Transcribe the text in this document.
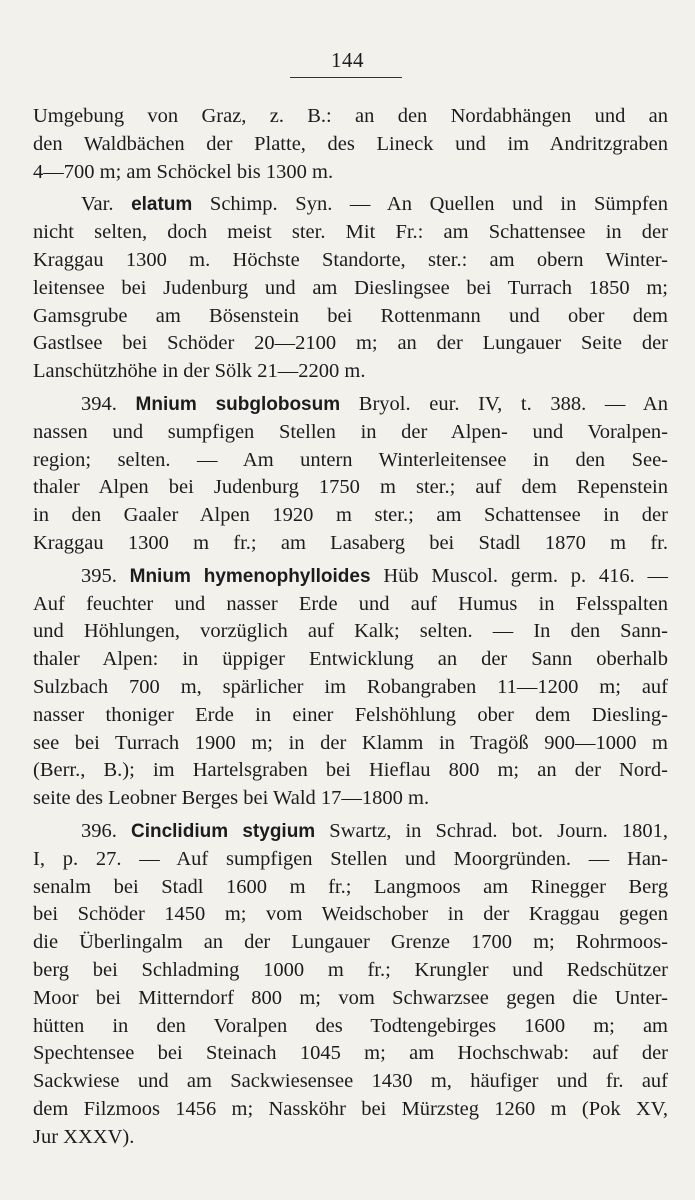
144
Umgebung von Graz, z. B.: an den Nordabhängen und an
den Waldbächen der Platte, des Lineck und im Andritzgraben
4—700 m; am Schöckel bis 1300 m.
Var. elatum Schimp. Syn. — An Quellen und in Sümpfen
nicht selten, doch meist ster. Mit Fr.: am Schattensee in der
Kraggau 1300 m. Höchste Standorte, ster.: am obern Winter-
leitensee bei Judenburg und am Dieslingsee bei Turrach 1850 m;
Gamsgrube am Bösenstein bei Rottenmann und ober dem
Gastlsee bei Schöder 20—2100 m; an der Lungauer Seite der
Lanschützhöhe in der Sölk 21—2200 m.
394. Mnium subglobosum Bryol. eur. IV, t. 388. — An
nassen und sumpfigen Stellen in der Alpen- und Voralpen-
region; selten. — Am untern Winterleitensee in den See-
thaler Alpen bei Judenburg 1750 m ster.; auf dem Repenstein
in den Gaaler Alpen 1920 m ster.; am Schattensee in der
Kraggau 1300 m fr.; am Lasaberg bei Stadl 1870 m fr.
395. Mnium hymenophylloides Hüb Muscol. germ. p. 416. —
Auf feuchter und nasser Erde und auf Humus in Felsspalten
und Höhlungen, vorzüglich auf Kalk; selten. — In den Sann-
thaler Alpen: in üppiger Entwicklung an der Sann oberhalb
Sulzbach 700 m, spärlicher im Robangraben 11—1200 m; auf
nasser thoniger Erde in einer Felshöhlung ober dem Diesling-
see bei Turrach 1900 m; in der Klamm in Tragöß 900—1000 m
(Berr., B.); im Hartelsgraben bei Hieflau 800 m; an der Nord-
seite des Leobner Berges bei Wald 17—1800 m.
396. Cinclidium stygium Swartz, in Schrad. bot. Journ. 1801,
I, p. 27. — Auf sumpfigen Stellen und Moorgründen. — Han-
senalm bei Stadl 1600 m fr.; Langmoos am Rinegger Berg
bei Schöder 1450 m; vom Weidschober in der Kraggau gegen
die Überlingalm an der Lungauer Grenze 1700 m; Rohrmoos-
berg bei Schladming 1000 m fr.; Krungler und Redschützer
Moor bei Mitterndorf 800 m; vom Schwarzsee gegen die Unter-
hütten in den Voralpen des Todtengebirges 1600 m; am
Spechtensee bei Steinach 1045 m; am Hochschwab: auf der
Sackwiese und am Sackwiesensee 1430 m, häufiger und fr. auf
dem Filzmoos 1456 m; Nassköhr bei Mürzsteg 1260 m (Pok XV,
Jur XXXV).
